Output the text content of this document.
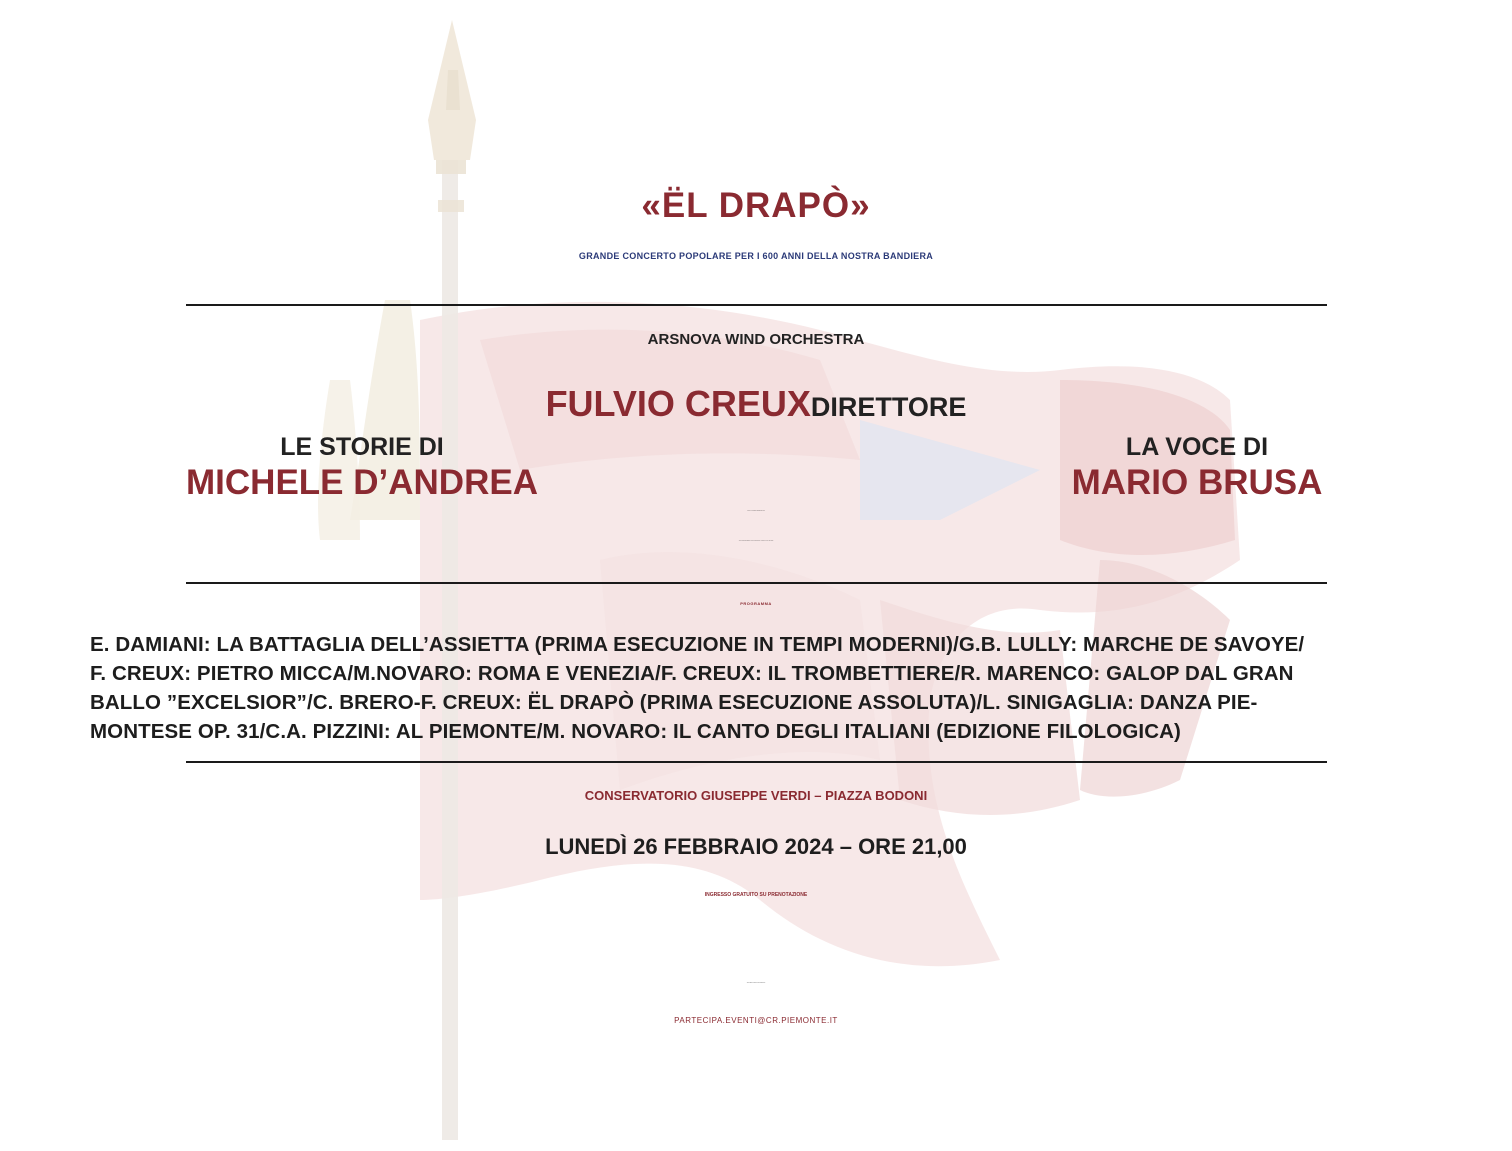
«ËL DRAPÒ»
GRANDE CONCERTO POPOLARE PER I 600 ANNI DELLA NOSTRA BANDIERA
ARSNOVA WIND ORCHESTRA
FULVIO CREUX DIRETTORE
LE STORIE DI
MICHELE D’ANDREA
LA VOCE DI
MARIO BRUSA
CON LA PARTECIPAZIONE DEI CORI
“RIO FONTANO MIMOSA” DI TAVAGNASCO E “CORO X CASO” DI IVREA
PROGRAMMA
E. DAMIANI: LA BATTAGLIA DELL’ASSIETTA (PRIMA ESECUZIONE IN TEMPI MODERNI)/G.B. LULLY: MARCHE DE SAVOYE/
F. CREUX: PIETRO MICCA/M.NOVARO: ROMA E VENEZIA/F. CREUX: IL TROMBETTIERE/R. MARENCO: GALOP DAL GRAN
BALLO ”EXCELSIOR”/C. BRERO-F. CREUX: ËL DRAPÒ (PRIMA ESECUZIONE ASSOLUTA)/L. SINIGAGLIA: DANZA PIE-
MONTESE OP. 31/C.A. PIZZINI: AL PIEMONTE/M. NOVARO: IL CANTO DEGLI ITALIANI (EDIZIONE FILOLOGICA)
CONSERVATORIO GIUSEPPE VERDI – PIAZZA BODONI
LUNEDÌ 26 FEBBRAIO 2024 – ORE 21,00
INGRESSO GRATUITO SU PRENOTAZIONE
PER PRENOTAZIONI E INFORMAZIONI
PARTECIPA.EVENTI@CR.PIEMONTE.IT
